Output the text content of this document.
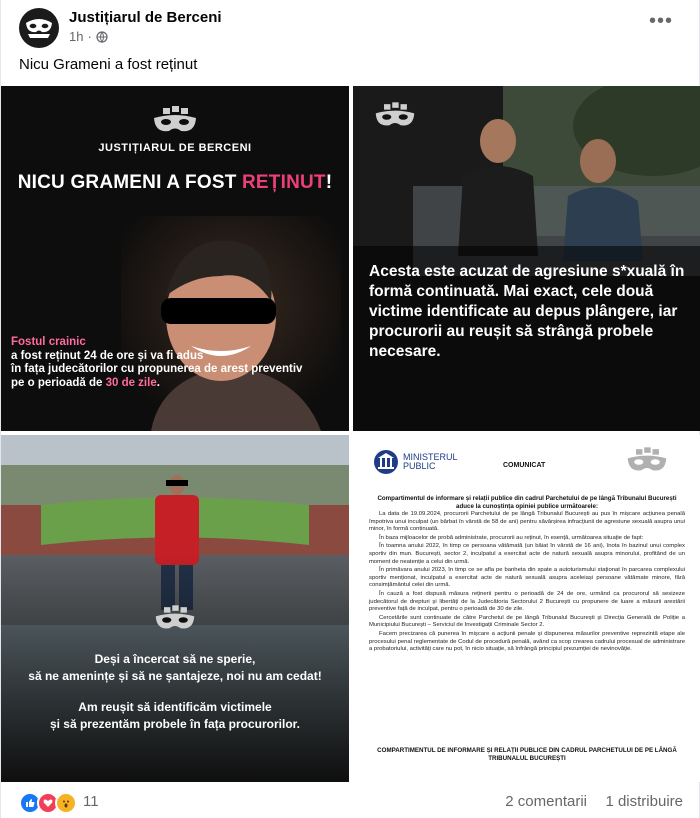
Justițiarul de Berceni
1h ·
•••
Nicu Grameni a fost reținut
JUSTIȚIARUL DE BERCENI
NICU GRAMENI A FOST REȚINUT!
Fostul crainic
a fost reținut 24 de ore și va fi adus
în fața judecătorilor cu propunerea de arest preventiv
pe o perioadă de 30 de zile.
Acesta este acuzat de agresiune s*xuală în formă continuată. Mai exact, cele două victime identificate au depus plângere, iar procurorii au reușit să strângă probele necesare.
Deși a încercat să ne sperie,
să ne amenințe și să ne șantajeze, noi nu am cedat!
Am reușit să identificăm victimele
și să prezentăm probele în fața procurorilor.
MINISTERUL
PUBLIC	COMUNICAT
Compartimentul de informare și relații publice din cadrul Parchetului de pe lângă Tribunalul București aduce la cunoștința opiniei publice următoarele:

La data de 19.09.2024, procurorii Parchetului de pe lângă Tribunalul București au pus în mișcare acțiunea penală împotriva unui inculpat (un bărbat în vârstă de 58 de ani) pentru săvârșirea infracțiunii de agresiune sexuală asupra unui minor, în formă continuată.

În baza mijloacelor de probă administrate, procurorii au reținut, în esență, următoarea situație de fapt:

În toamna anului 2022, în timp ce persoana vătămată (un băiat în vârstă de 16 ani), înota în bazinul unui complex sportiv din mun. București, sector 2, inculpatul a exercitat acte de natură sexuală asupra minorului, profitând de un moment de neatenție a celui din urmă.

În primăvara anului 2023, în timp ce se afla pe banheta din spate a autoturismului staționat în parcarea complexului sportiv menționat, inculpatul a exercitat acte de natură sexuală asupra aceleiași persoane vătămate minore, fără consimțământul celei din urmă.

În cauză a fost dispusă măsura reținerii pentru o perioadă de 24 de ore, urmând ca procurorul să sesizeze judecătorul de drepturi și libertăți de la Judecătoria Sectorului 2 București cu propunere de luare a măsurii arestării preventive față de inculpat, pentru o perioadă de 30 de zile.

Cercetările sunt continuate de către Parchetul de pe lângă Tribunalul București și Direcția Generală de Poliție a Municipiului București – Serviciul de Investigații Criminale Sector 2.

Facem precizarea că punerea în mișcare a acțiunii penale și dispunerea măsurilor preventive reprezintă etape ale procesului penal reglementate de Codul de procedură penală, având ca scop crearea cadrului procesual de administrare a probatoriului, activități care nu pot, în nicio situație, să înfrângă principiul prezumției de nevinovăție.

COMPARTIMENTUL DE INFORMARE ȘI RELAȚII PUBLICE DIN CADRUL PARCHETULUI DE PE LÂNGĂ TRIBUNALUL BUCUREȘTI
11	2 comentarii 1 distribuire
